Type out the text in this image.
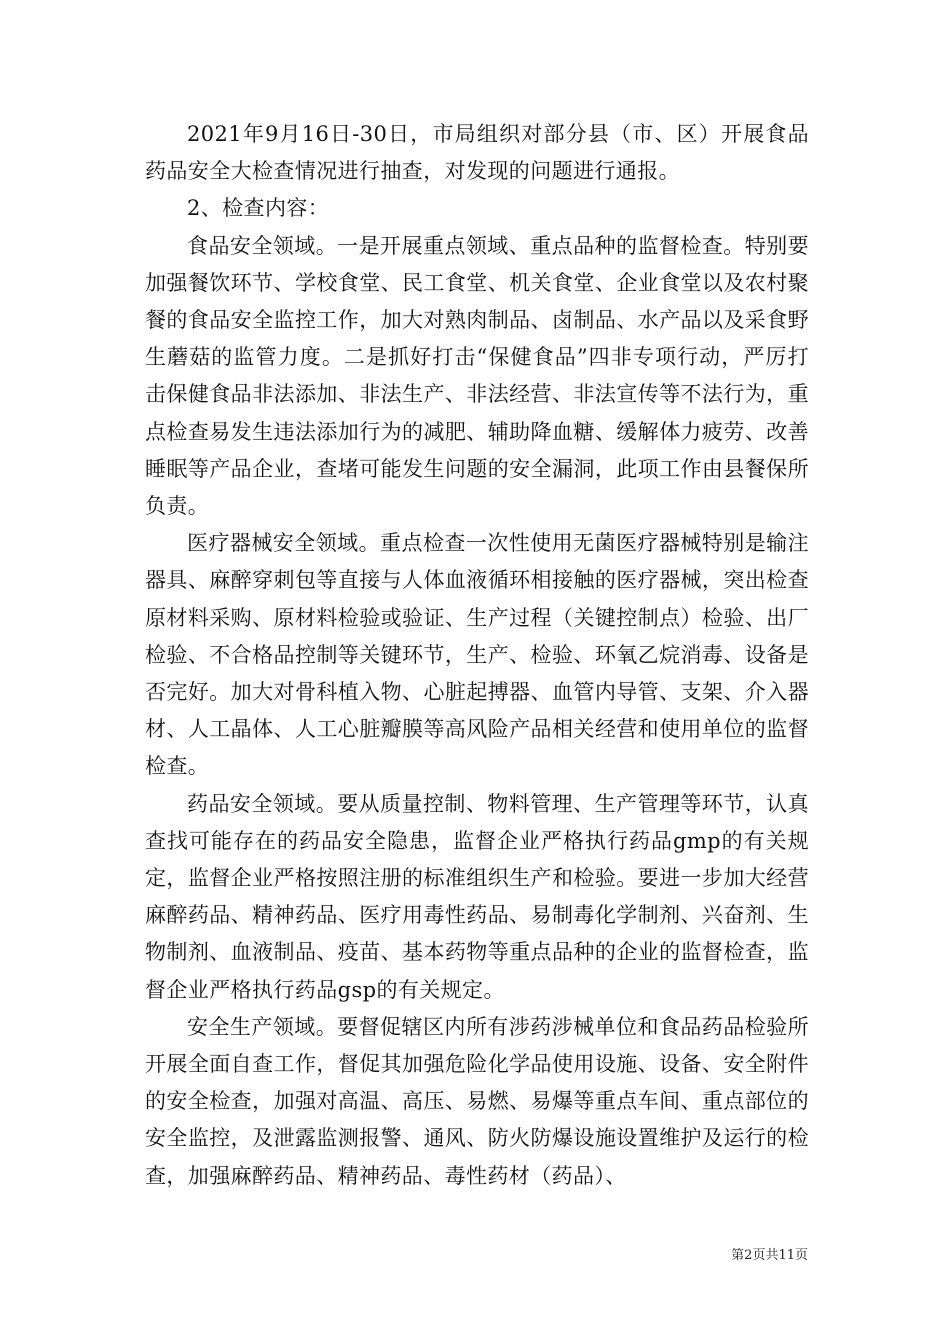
2021年9月16日-30日，市局组织对部分县（市、区）开展食品药品安全大检查情况进行抽查，对发现的问题进行通报。

2、检查内容：

食品安全领域。一是开展重点领域、重点品种的监督检查。特别要加强餐饮环节、学校食堂、民工食堂、机关食堂、企业食堂以及农村聚餐的食品安全监控工作，加大对熟肉制品、卤制品、水产品以及采食野生蘑菇的监管力度。二是抓好打击“保健食品”四非专项行动，严厉打击保健食品非法添加、非法生产、非法经营、非法宣传等不法行为，重点检查易发生违法添加行为的减肥、辅助降血糖、缓解体力疲劳、改善睡眠等产品企业，查堵可能发生问题的安全漏洞，此项工作由县餐保所负责。

医疗器械安全领域。重点检查一次性使用无菌医疗器械特别是输注器具、麻醉穿刺包等直接与人体血液循环相接触的医疗器械，突出检查原材料采购、原材料检验或验证、生产过程（关键控制点）检验、出厂检验、不合格品控制等关键环节，生产、检验、环氧乙烷消毒、设备是否完好。加大对骨科植入物、心脏起搏器、血管内导管、支架、介入器材、人工晶体、人工心脏瓣膜等高风险产品相关经营和使用单位的监督检查。

药品安全领域。要从质量控制、物料管理、生产管理等环节，认真查找可能存在的药品安全隐患，监督企业严格执行药品gmp的有关规定，监督企业严格按照注册的标准组织生产和检验。要进一步加大经营麻醉药品、精神药品、医疗用毒性药品、易制毒化学制剂、兴奋剂、生物制剂、血液制品、疫苗、基本药物等重点品种的企业的监督检查，监督企业严格执行药品gsp的有关规定。

安全生产领域。要督促辖区内所有涉药涉械单位和食品药品检验所开展全面自查工作，督促其加强危险化学品使用设施、设备、安全附件的安全检查，加强对高温、高压、易燃、易爆等重点车间、重点部位的安全监控，及泄露监测报警、通风、防火防爆设施设置维护及运行的检查，加强麻醉药品、精神药品、毒性药材（药品）、

第2页共11页
